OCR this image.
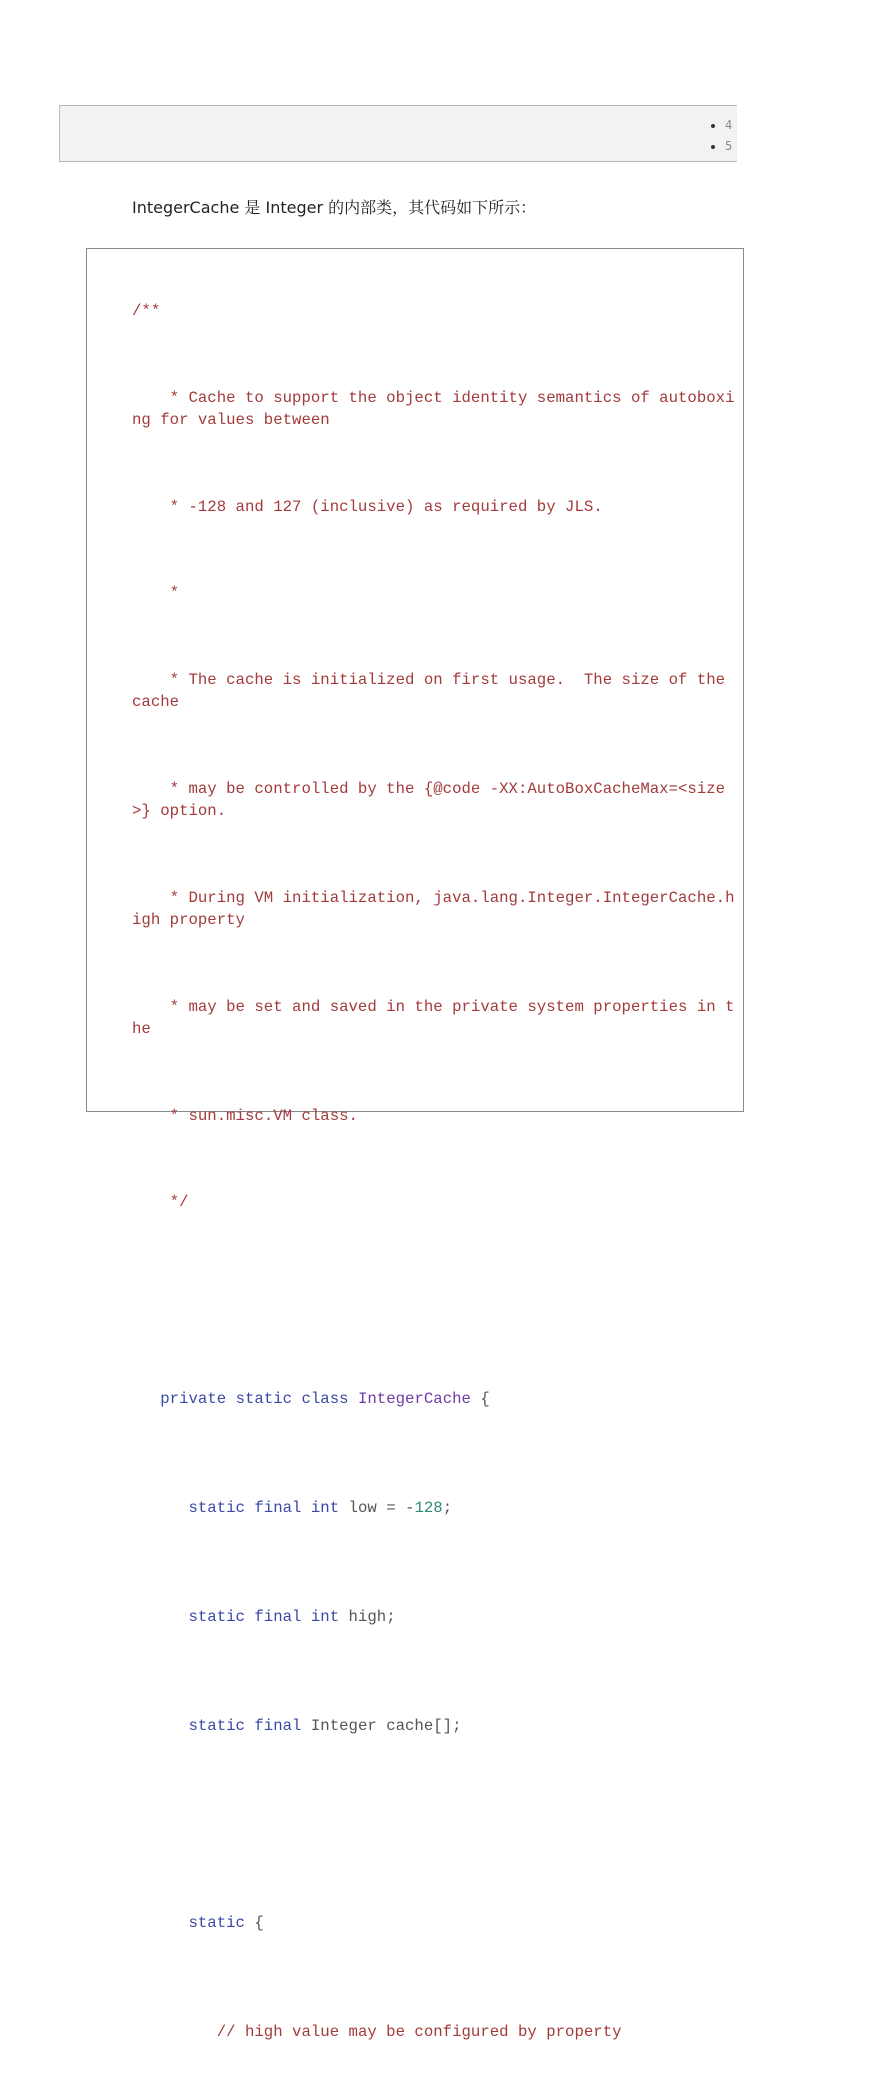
• 4
• 5
IntegerCache 是 Integer 的内部类，其代码如下所示：

/**

* Cache to support the object identity semantics of autoboxing for values between

* -128 and 127 (inclusive) as required by JLS.

*

* The cache is initialized on first usage.  The size of the cache

* may be controlled by the {@code -XX:AutoBoxCacheMax=<size>} option.

* During VM initialization, java.lang.Integer.IntegerCache.high property

* may be set and saved in the private system properties in the

* sun.misc.VM class.

*/

private static class IntegerCache {

static final int low = -128;

static final int high;

static final Integer cache[];

static {

// high value may be configured by property
